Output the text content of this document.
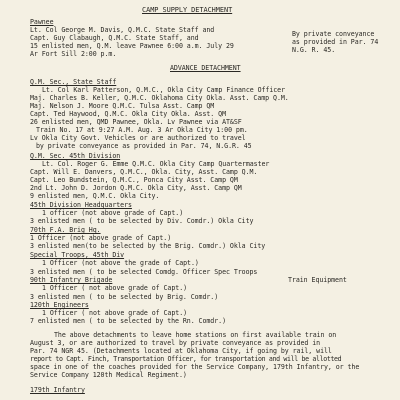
CAMP SUPPLY DETACHMENT
Pawnee
Lt. Col George M. Davis, Q.M.C. State Staff and
Capt. Guy Clabaugh, Q.M.C. State Staff, and
15 enlisted men, Q.M. leave Pawnee 6:00 a.m. July 29
Ar Fort Sill 2:00 p.m.
By private conveyance
as provided in Par. 74
N.G. R. 45.
ADVANCE DETACHMENT
Q.M. Sec., State Staff
Lt. Col Karl Patterson, Q.M.C., Okla City Camp Finance Officer
Maj. Charles B. Keller, Q.M.C. Oklahoma City Okla. Asst. Camp Q.M.
Maj. Nelson J. Moore Q.M.C. Tulsa Asst. Camp QM
Capt. Ted Haywood, Q.M.C. Okla City Okla. Asst. QM
26 enlisted men, QMD Pawnee, Okla. Lv Pawnee via AT&SF
Train No. 17 at 9:27 A.M. Aug. 3 Ar Okla City 1:00 pm.
Lv Okla City Govt. Vehicles or are authorized to travel
by private conveyance as provided in Par. 74, N.G.R. 45
Q.M. Sec. 45th Division
Lt. Col. Roger G. Emme Q.M.C. Okla City Camp Quartermaster
Capt. Will E. Danvers, Q.M.C., Okla. City, Asst. Camp Q.M.
Capt. Leo Bundstein, Q.M.C., Ponca City Asst. Camp QM
2nd Lt. John D. Jordon Q.M.C. Okla City, Asst. Camp QM
9 enlisted men, Q.M.C. Okla City.
45th Division Headquarters
1 officer (not above grade of Capt.)
3 enlisted men ( to be selected by Div. Comdr.) Okla City
70th F.A. Brig Hq.
1 Officer (not above grade of Capt.)
3 enlisted men(to be selected by the Brig. Comdr.) Okla City
Special Troops, 45th Div
1 Officer (not above the grade of Capt.)
3 enlisted men ( to be selected Comdg. Officer Spec Troops
Train Equipment
90th Infantry Brigade
1 Officer ( not above grade of Capt.)
3 enlisted men ( to be selected by Brig. Comdr.)
120th Engineers
1 Officer ( not above grade of Capt.)
7 enlisted men ( to be selected by the Rn. Comdr.)
The above detachments to leave home stations on first available train on
August 3, or are authorized to travel by private conveyance as provided in
Par. 74 NGR 45. (Detachments located at Oklahoma City, if going by rail, will
report to Capt. Finch, Transportation Officer, for transportation and will be allotted
space in one of the coaches provided for the Service Company, 179th Infantry, or the
Service Company 120th Medical Regiment.)
179th Infantry
